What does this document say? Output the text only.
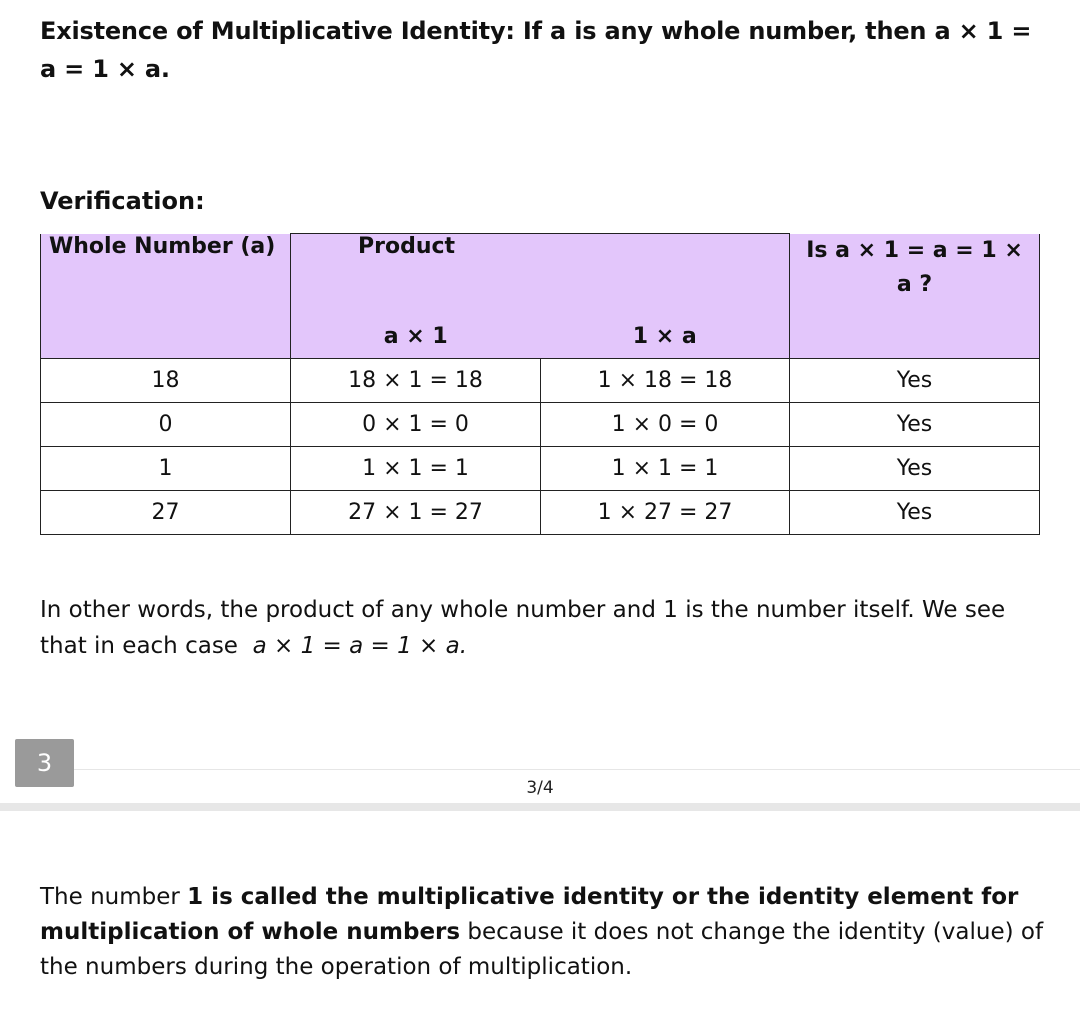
Existence of Multiplicative Identity: If a is any whole number, then a × 1 = a = 1 × a.
Verification:
Whole Number (a)	Product		Is a × 1 = a = 1 × a ?
	a × 1	1 × a	
18	18 × 1 = 18	1 × 18 = 18	Yes
0	0 × 1 = 0	1 × 0 = 0	Yes
1	1 × 1 = 1	1 × 1 = 1	Yes
27	27 × 1 = 27	1 × 27 = 27	Yes
In other words, the product of any whole number and 1 is the number itself. We see that in each case a × 1 = a = 1 × a.
3
3/4
The number 1 is called the multiplicative identity or the identity element for multiplication of whole numbers because it does not change the identity (value) of the numbers during the operation of multiplication.
